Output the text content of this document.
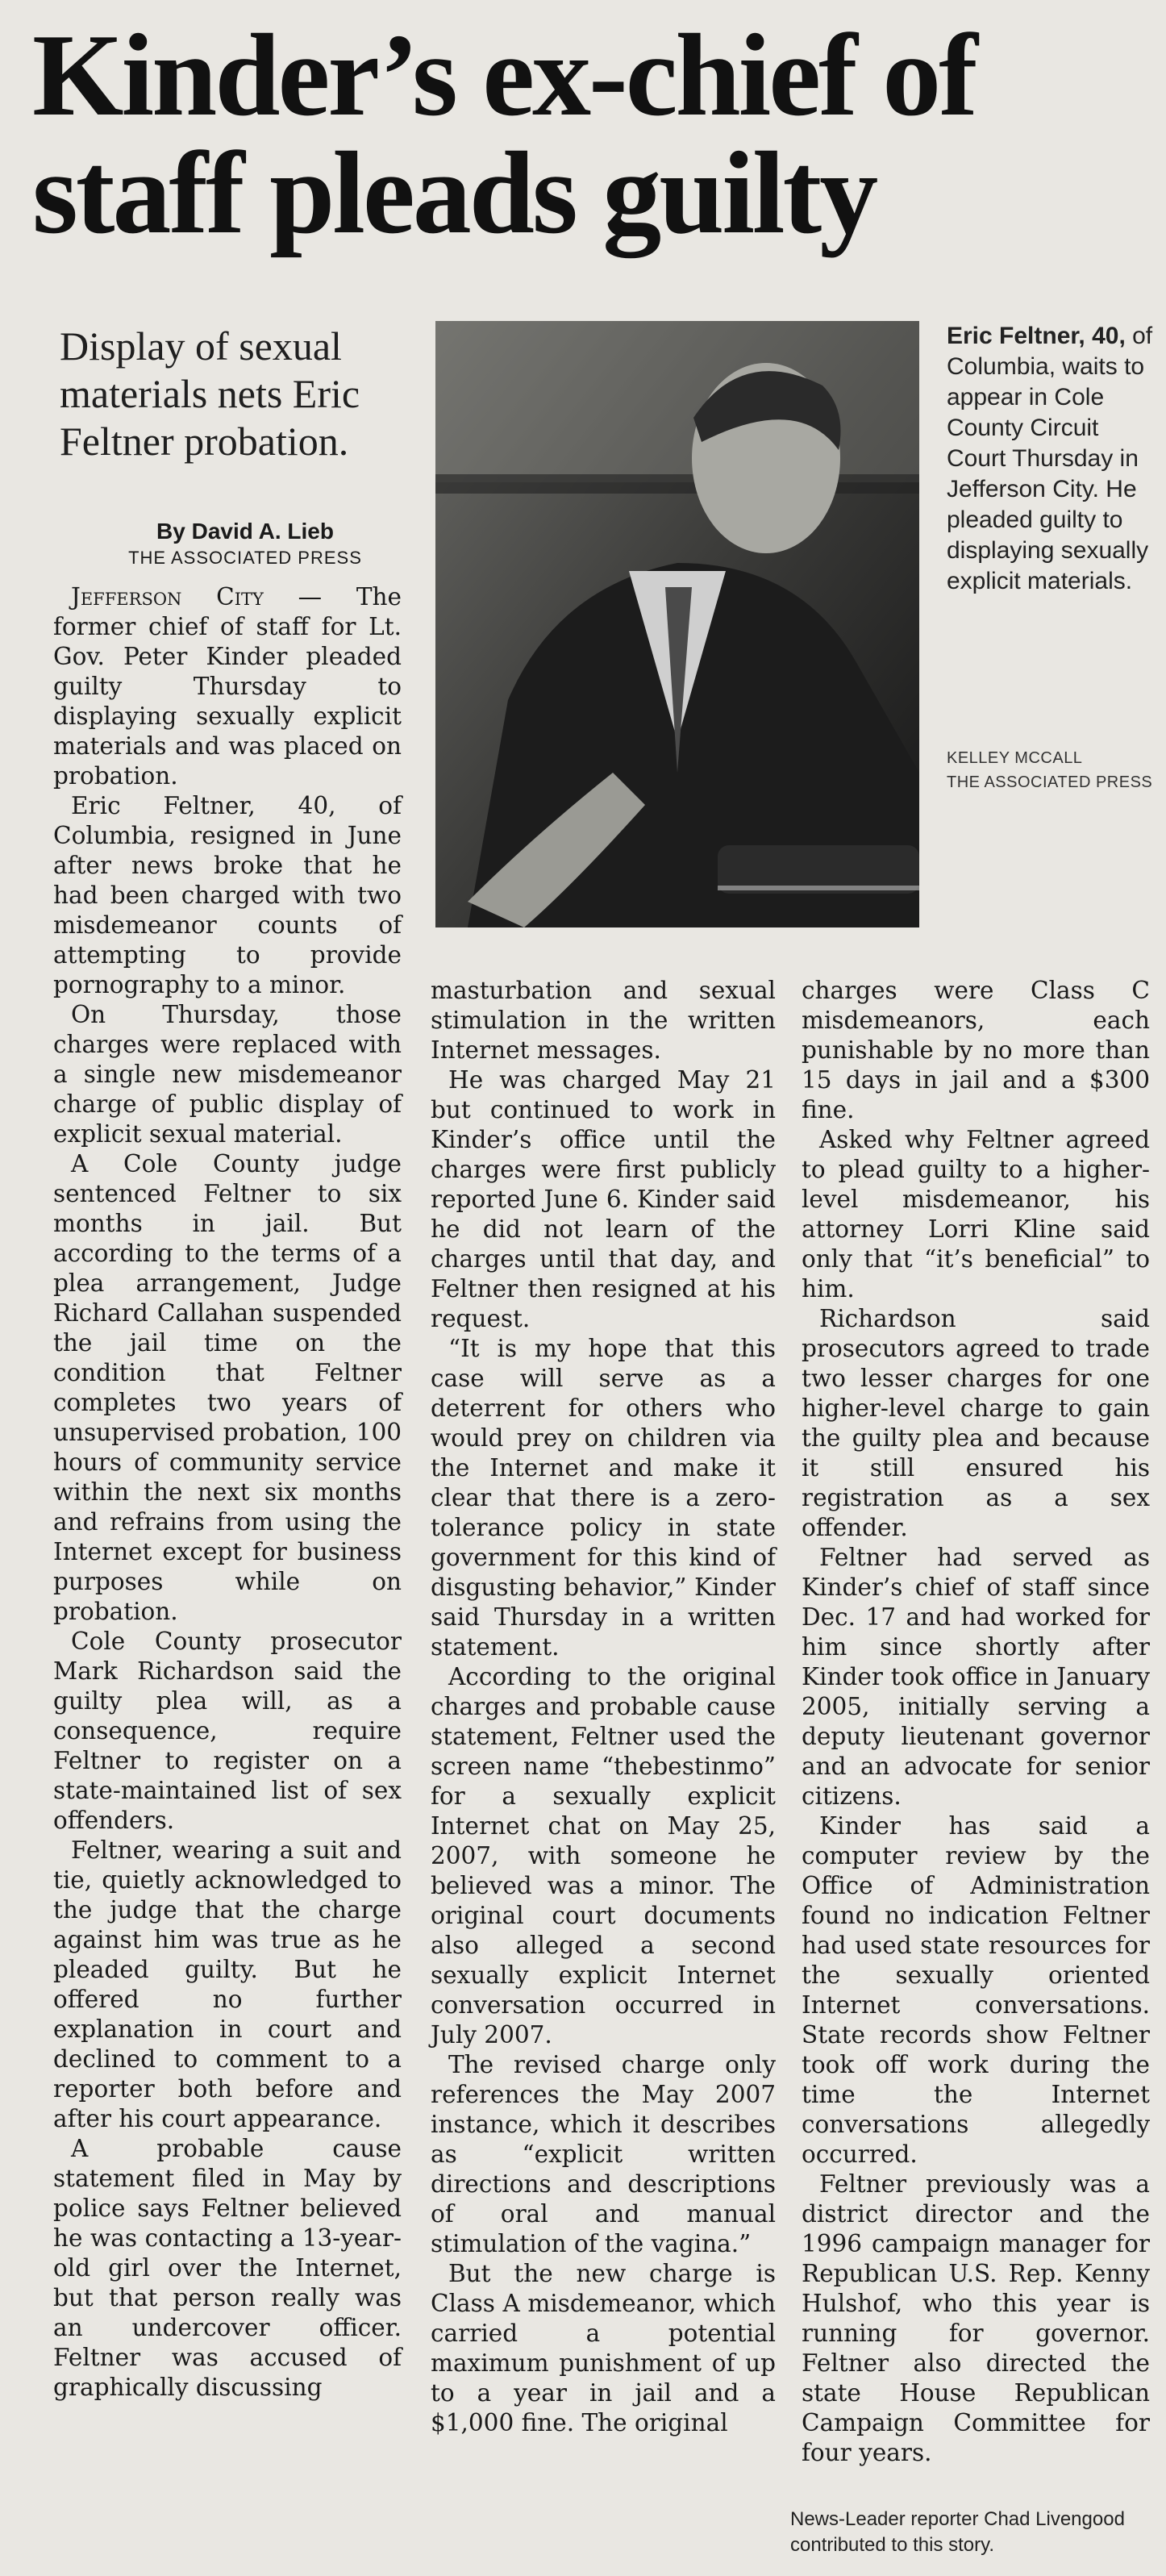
Kinder’s ex-chief of
staff pleads guilty
Display of sexual materials nets Eric Feltner probation.
By David A. Lieb
THE ASSOCIATED PRESS
Eric Feltner, 40, of Columbia, waits to appear in Cole County Circuit Court Thursday in Jefferson City. He pleaded guilty to displaying sexually explicit materials.
KELLEY MCCALL
THE ASSOCIATED PRESS

Jefferson City — The former chief of staff for Lt. Gov. Peter Kinder pleaded guilty Thursday to displaying sexually explicit materials and was placed on probation.

Eric Feltner, 40, of Columbia, resigned in June after news broke that he had been charged with two misdemeanor counts of attempting to provide pornography to a minor.

On Thursday, those charges were replaced with a single new misdemeanor charge of public display of explicit sexual material.

A Cole County judge sentenced Feltner to six months in jail. But according to the terms of a plea arrangement, Judge Richard Callahan suspended the jail time on the condition that Feltner completes two years of unsupervised probation, 100 hours of community service within the next six months and refrains from using the Internet except for business purposes while on probation.

Cole County prosecutor Mark Richardson said the guilty plea will, as a consequence, require Feltner to register on a state-maintained list of sex offenders.

Feltner, wearing a suit and tie, quietly acknowledged to the judge that the charge against him was true as he pleaded guilty. But he offered no further explanation in court and declined to comment to a reporter both before and after his court appearance.

A probable cause statement filed in May by police says Feltner believed he was contacting a 13-year-old girl over the Internet, but that person really was an undercover officer. Feltner was accused of graphically discussing

masturbation and sexual stimulation in the written Internet messages.

He was charged May 21 but continued to work in Kinder’s office until the charges were first publicly reported June 6. Kinder said he did not learn of the charges until that day, and Feltner then resigned at his request.

“It is my hope that this case will serve as a deterrent for others who would prey on children via the Internet and make it clear that there is a zero-tolerance policy in state government for this kind of disgusting behavior,” Kinder said Thursday in a written statement.

According to the original charges and probable cause statement, Feltner used the screen name “thebestinmo” for a sexually explicit Internet chat on May 25, 2007, with someone he believed was a minor. The original court documents also alleged a second sexually explicit Internet conversation occurred in July 2007.

The revised charge only references the May 2007 instance, which it describes as “explicit written directions and descriptions of oral and manual stimulation of the vagina.”

But the new charge is Class A misdemeanor, which carried a potential maximum punishment of up to a year in jail and a $1,000 fine. The original

charges were Class C misdemeanors, each punishable by no more than 15 days in jail and a $300 fine.

Asked why Feltner agreed to plead guilty to a higher-level misdemeanor, his attorney Lorri Kline said only that “it’s beneficial” to him.

Richardson said prosecutors agreed to trade two lesser charges for one higher-level charge to gain the guilty plea and because it still ensured his registration as a sex offender.

Feltner had served as Kinder’s chief of staff since Dec. 17 and had worked for him since shortly after Kinder took office in January 2005, initially serving a deputy lieutenant governor and an advocate for senior citizens.

Kinder has said a computer review by the Office of Administration found no indication Feltner had used state resources for the sexually oriented Internet conversations. State records show Feltner took off work during the time the Internet conversations allegedly occurred.

Feltner previously was a district director and the 1996 campaign manager for Republican U.S. Rep. Kenny Hulshof, who this year is running for governor. Feltner also directed the state House Republican Campaign Committee for four years.

News-Leader reporter Chad Livengood contributed to this story.
